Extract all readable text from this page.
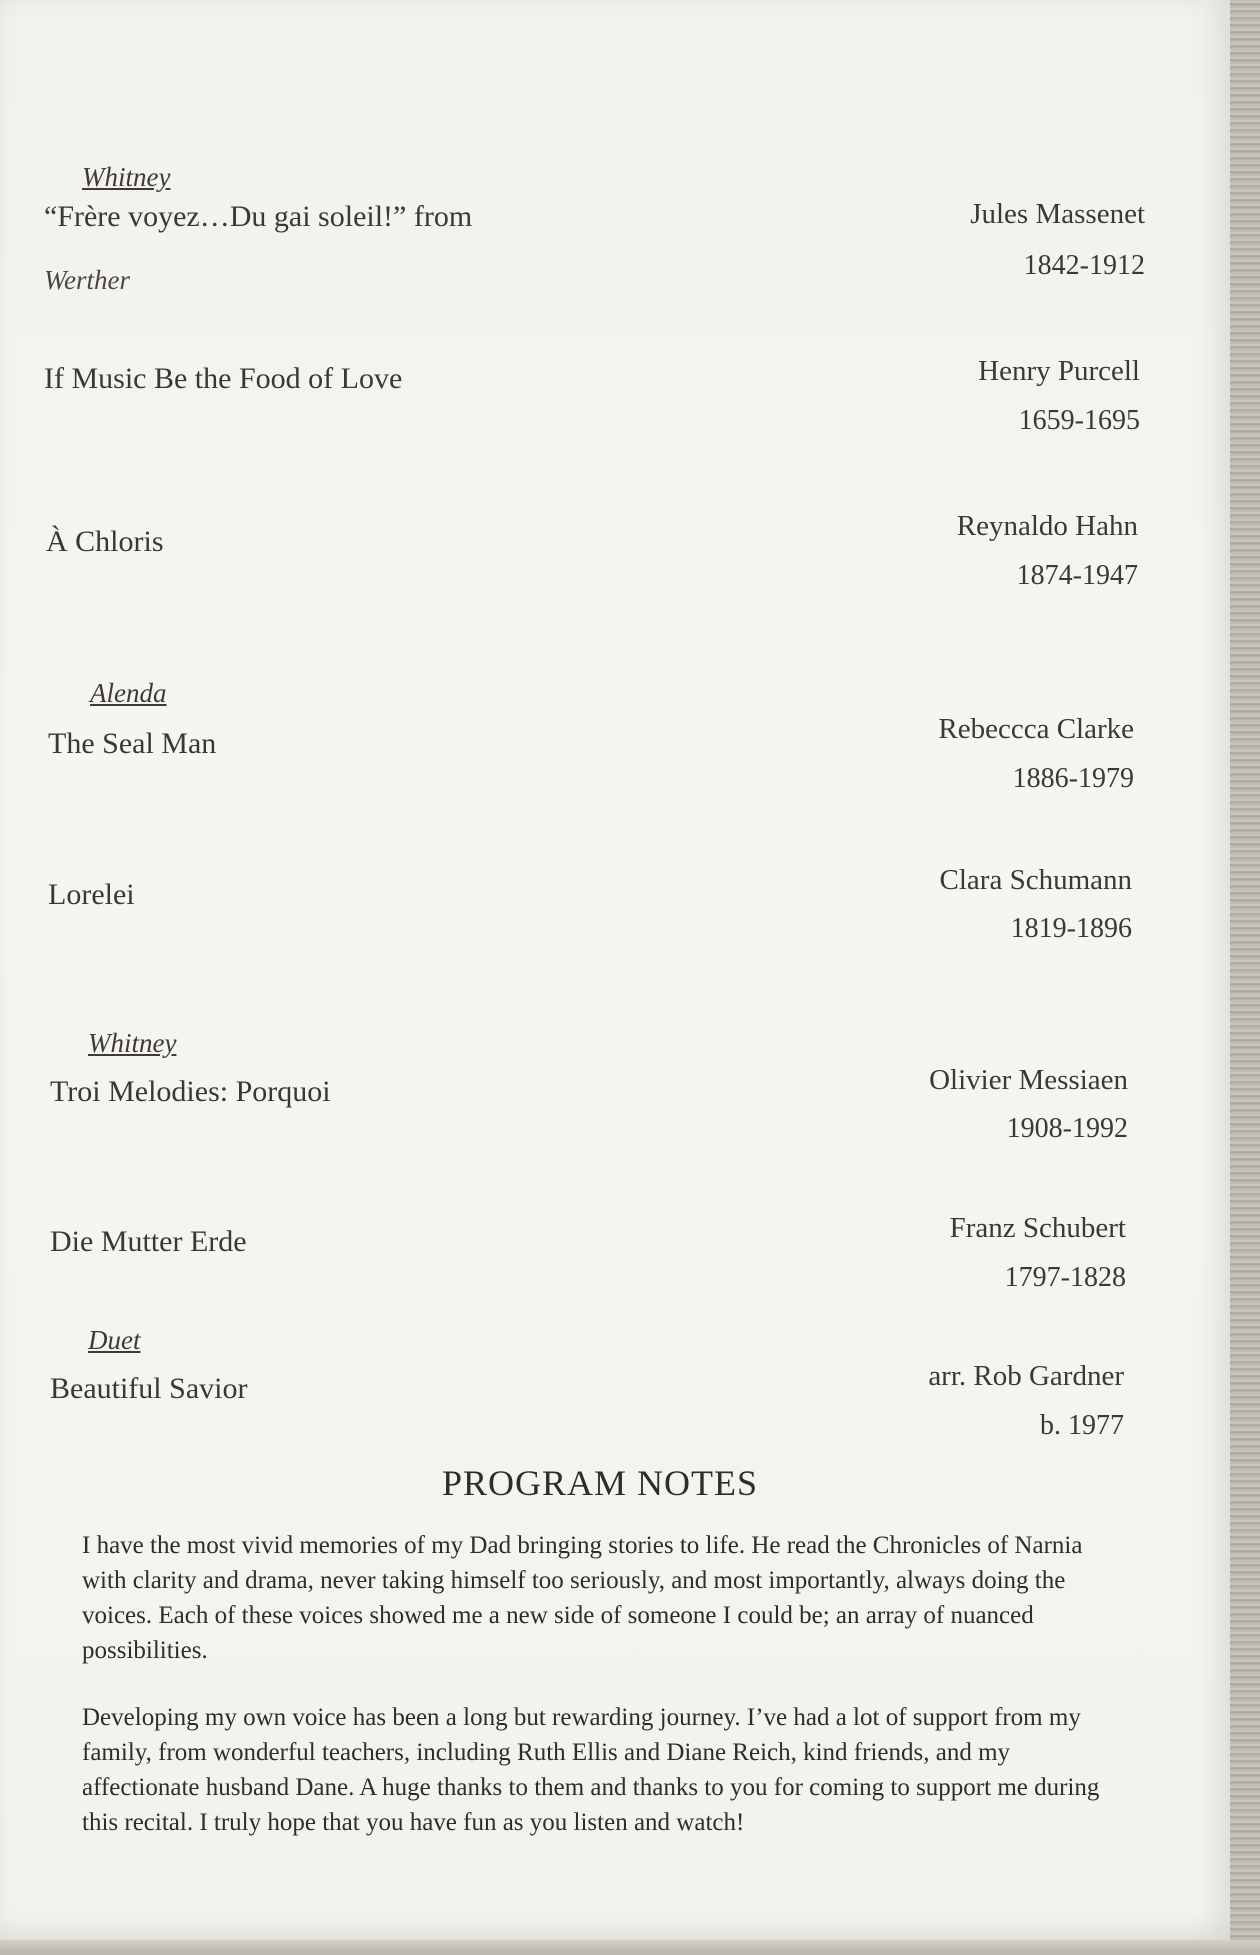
Whitney
“Frère voyez…Du gai soleil!” from
Werther
Jules Massenet
1842-1912
If Music Be the Food of Love	Henry Purcell
1659-1695
À Chloris	Reynaldo Hahn
1874-1947
Alenda
The Seal Man	Rebeccca Clarke
1886-1979
Lorelei	Clara Schumann
1819-1896
Whitney
Troi Melodies: Porquoi	Olivier Messiaen
1908-1992
Die Mutter Erde	Franz Schubert
1797-1828
Duet
Beautiful Savior	arr. Rob Gardner
b. 1977
PROGRAM NOTES
I have the most vivid memories of my Dad bringing stories to life. He read the Chronicles of Narnia with clarity and drama, never taking himself too seriously, and most importantly, always doing the voices. Each of these voices showed me a new side of someone I could be; an array of nuanced possibilities.
Developing my own voice has been a long but rewarding journey. I’ve had a lot of support from my family, from wonderful teachers, including Ruth Ellis and Diane Reich, kind friends, and my affectionate husband Dane. A huge thanks to them and thanks to you for coming to support me during this recital. I truly hope that you have fun as you listen and watch!
